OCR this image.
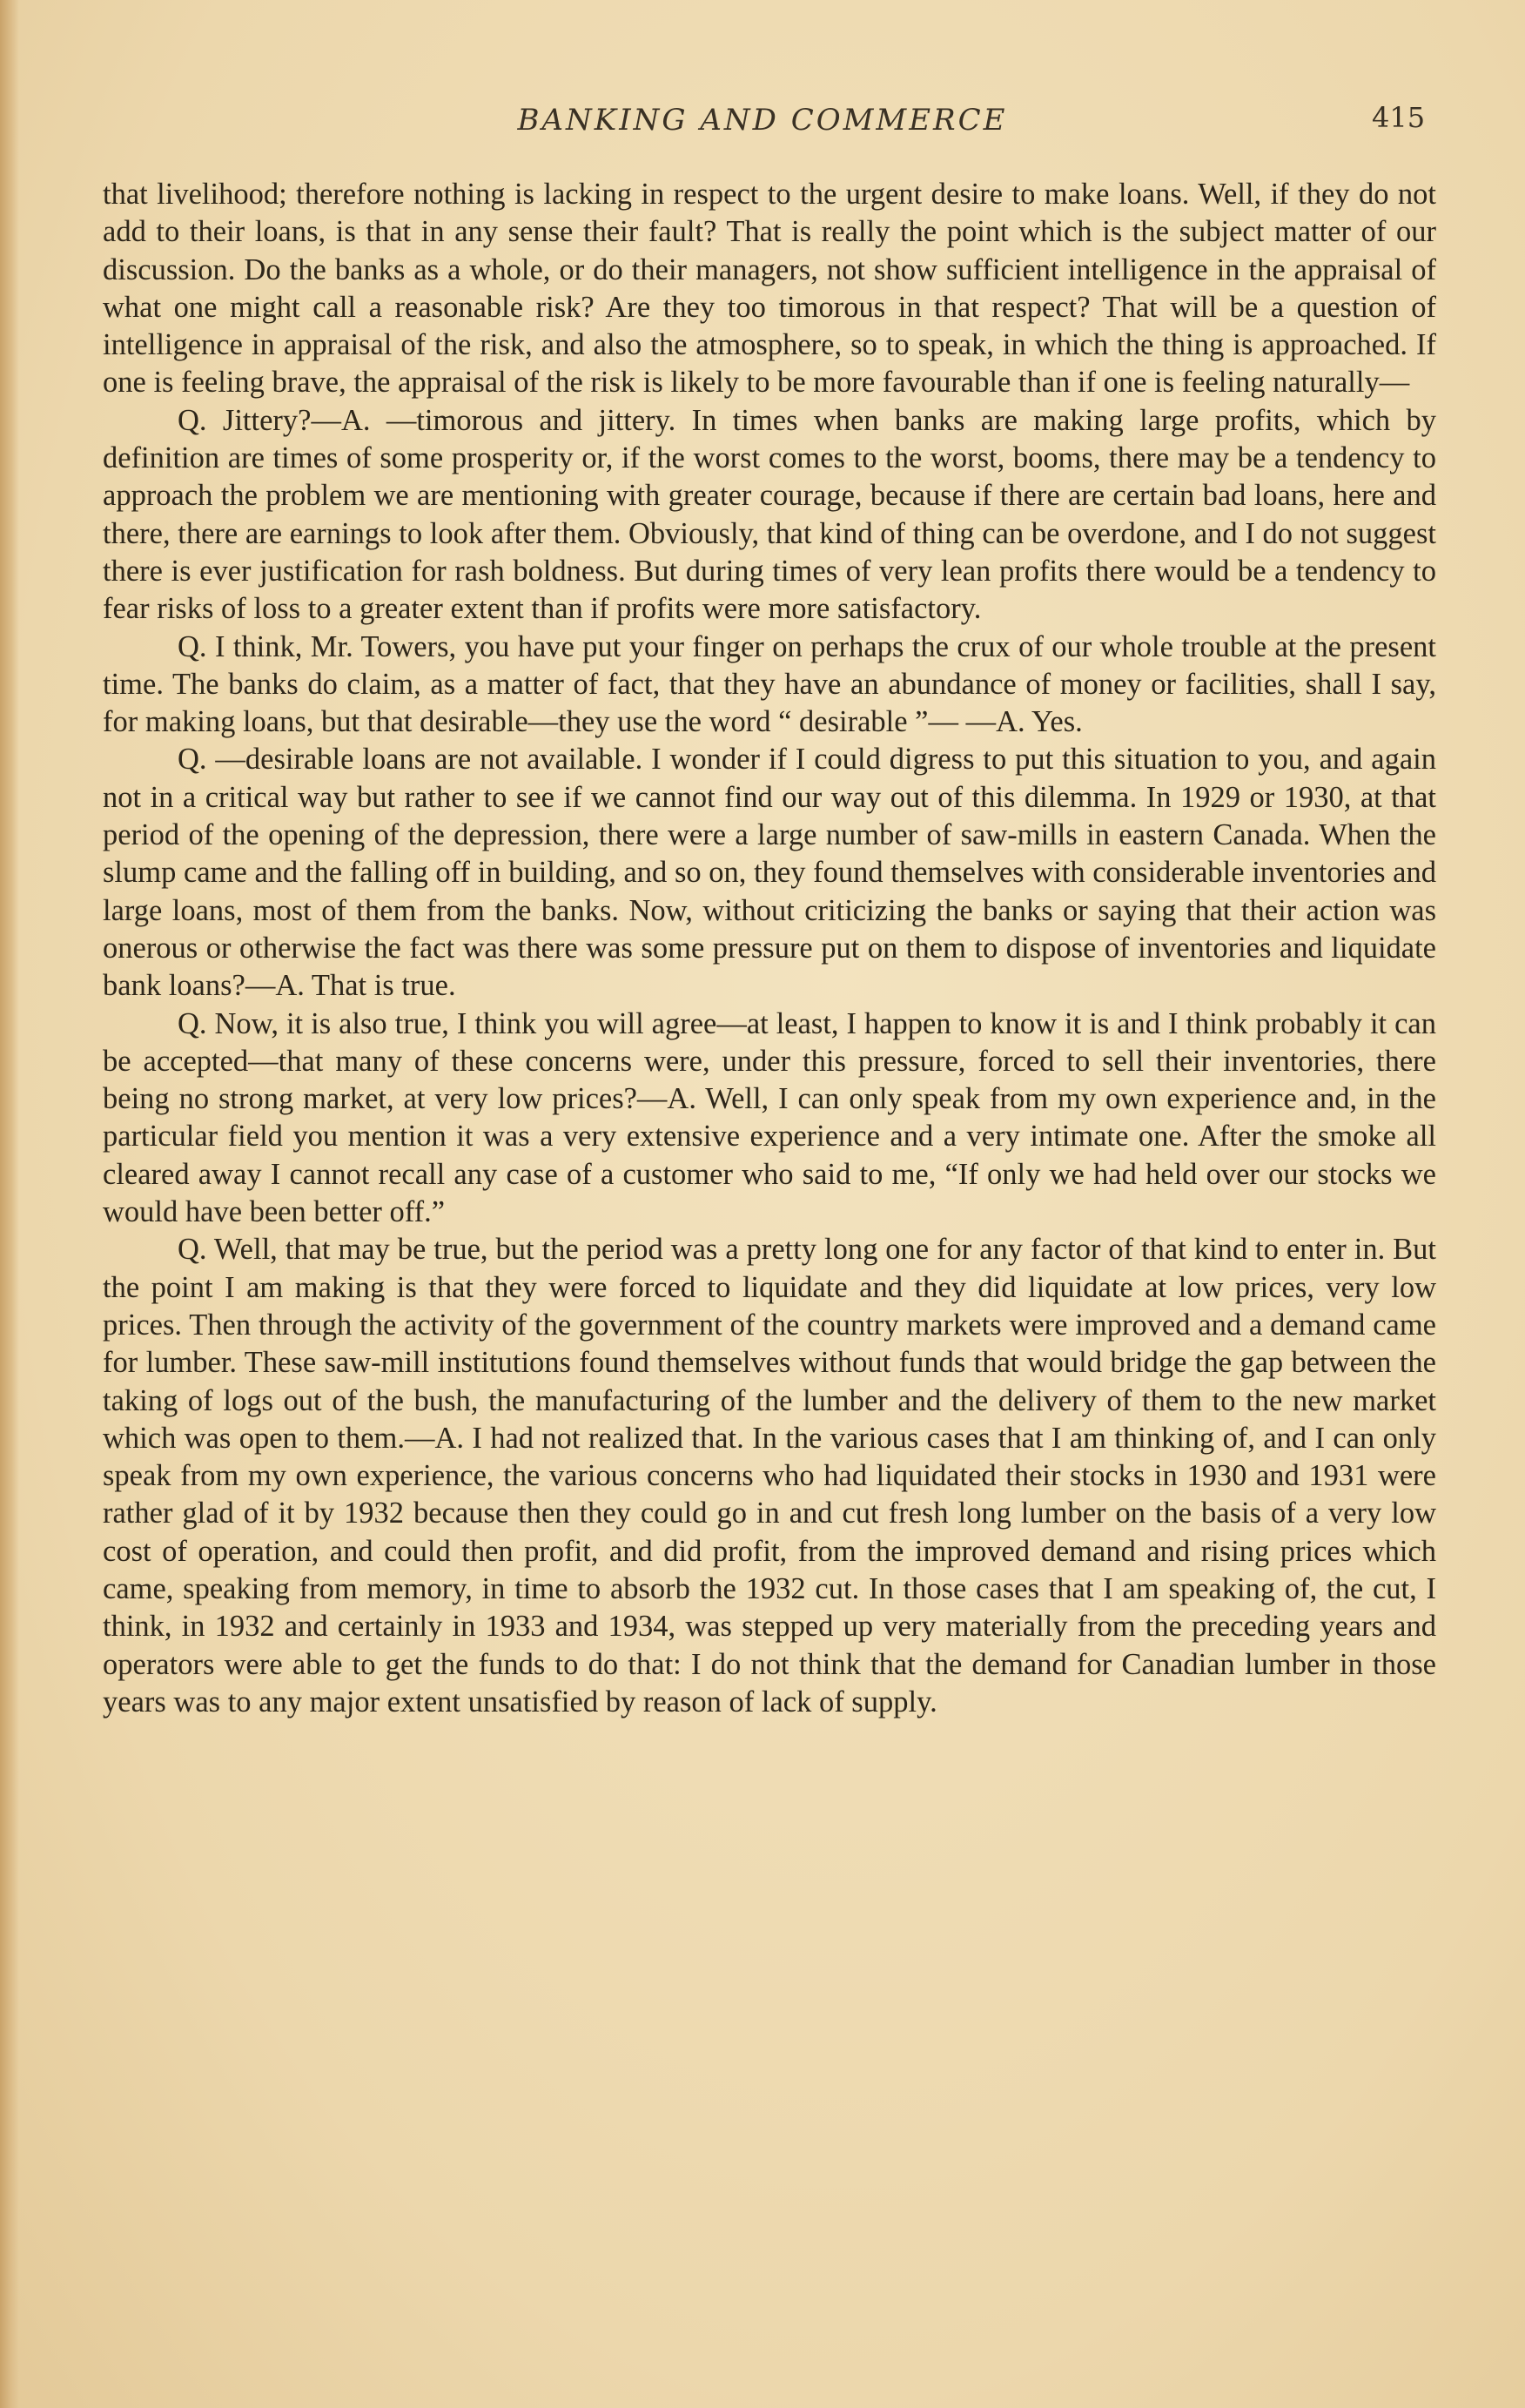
BANKING AND COMMERCE	415

that livelihood; therefore nothing is lacking in respect to the urgent desire to make loans. Well, if they do not add to their loans, is that in any sense their fault? That is really the point which is the subject matter of our discussion. Do the banks as a whole, or do their managers, not show sufficient intelligence in the appraisal of what one might call a reasonable risk? Are they too timorous in that respect? That will be a question of intelligence in appraisal of the risk, and also the atmosphere, so to speak, in which the thing is approached. If one is feeling brave, the appraisal of the risk is likely to be more favourable than if one is feeling naturally—

Q. Jittery?—A. —timorous and jittery. In times when banks are making large profits, which by definition are times of some prosperity or, if the worst comes to the worst, booms, there may be a tendency to approach the problem we are mentioning with greater courage, because if there are certain bad loans, here and there, there are earnings to look after them. Obviously, that kind of thing can be overdone, and I do not suggest there is ever justification for rash boldness. But during times of very lean profits there would be a tendency to fear risks of loss to a greater extent than if profits were more satisfactory.

Q. I think, Mr. Towers, you have put your finger on perhaps the crux of our whole trouble at the present time. The banks do claim, as a matter of fact, that they have an abundance of money or facilities, shall I say, for making loans, but that desirable—they use the word “ desirable ”— —A. Yes.

Q. —desirable loans are not available. I wonder if I could digress to put this situation to you, and again not in a critical way but rather to see if we cannot find our way out of this dilemma. In 1929 or 1930, at that period of the opening of the depression, there were a large number of saw-mills in eastern Canada. When the slump came and the falling off in building, and so on, they found themselves with considerable inventories and large loans, most of them from the banks. Now, without criticizing the banks or saying that their action was onerous or otherwise the fact was there was some pressure put on them to dispose of inventories and liquidate bank loans?—A. That is true.

Q. Now, it is also true, I think you will agree—at least, I happen to know it is and I think probably it can be accepted—that many of these concerns were, under this pressure, forced to sell their inventories, there being no strong market, at very low prices?—A. Well, I can only speak from my own experience and, in the particular field you mention it was a very extensive experience and a very intimate one. After the smoke all cleared away I cannot recall any case of a customer who said to me, “If only we had held over our stocks we would have been better off.”

Q. Well, that may be true, but the period was a pretty long one for any factor of that kind to enter in. But the point I am making is that they were forced to liquidate and they did liquidate at low prices, very low prices. Then through the activity of the government of the country markets were improved and a demand came for lumber. These saw-mill institutions found themselves without funds that would bridge the gap between the taking of logs out of the bush, the manufacturing of the lumber and the delivery of them to the new market which was open to them.—A. I had not realized that. In the various cases that I am thinking of, and I can only speak from my own experience, the various concerns who had liquidated their stocks in 1930 and 1931 were rather glad of it by 1932 because then they could go in and cut fresh long lumber on the basis of a very low cost of operation, and could then profit, and did profit, from the improved demand and rising prices which came, speaking from memory, in time to absorb the 1932 cut. In those cases that I am speaking of, the cut, I think, in 1932 and certainly in 1933 and 1934, was stepped up very materially from the preceding years and operators were able to get the funds to do that: I do not think that the demand for Canadian lumber in those years was to any major extent unsatisfied by reason of lack of supply.
